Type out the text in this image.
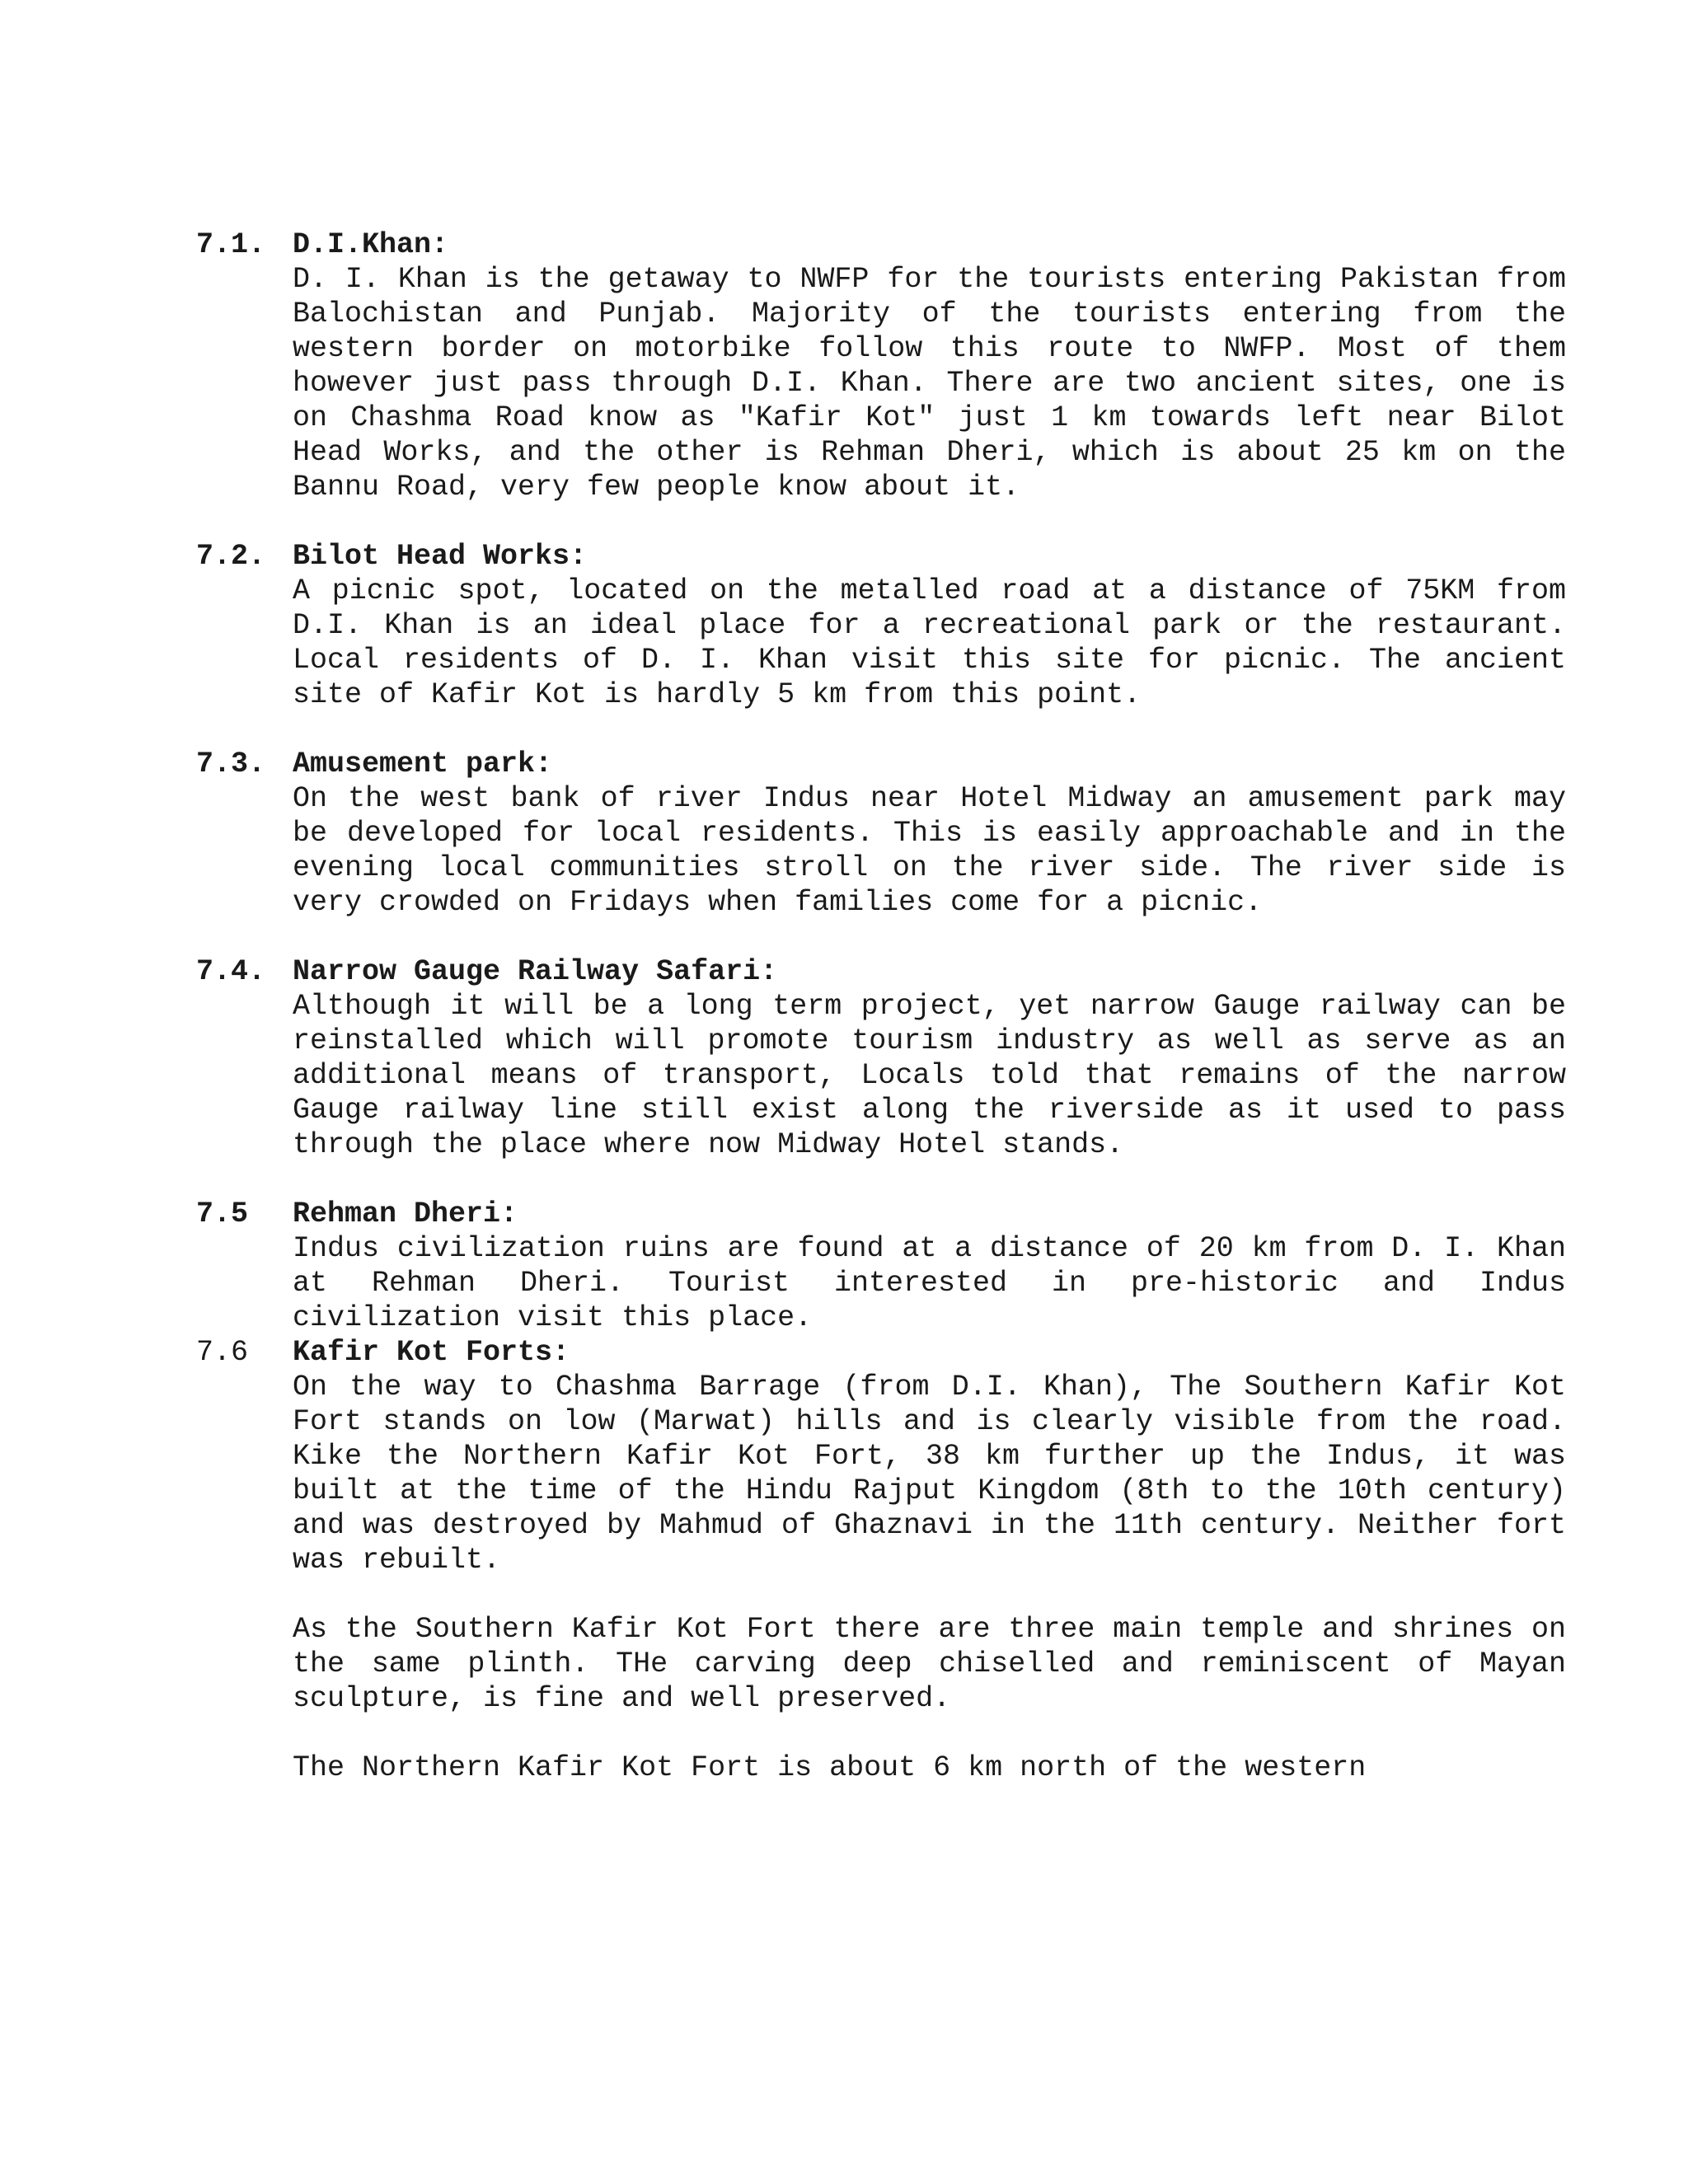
7.1. D.I.Khan:

D. I. Khan is the getaway to NWFP for the tourists entering Pakistan from Balochistan and Punjab. Majority of the tourists entering from the western border on motorbike follow this route to NWFP. Most of them however just pass through D.I. Khan. There are two ancient sites, one is on Chashma Road know as "Kafir Kot" just 1 km towards left near Bilot Head Works, and the other is Rehman Dheri, which is about 25 km on the Bannu Road, very few people know about it.

7.2. Bilot Head Works:

A picnic spot, located on the metalled road at a distance of 75KM from D.I. Khan is an ideal place for a recreational park or the restaurant. Local residents of D. I. Khan visit this site for picnic. The ancient site of Kafir Kot is hardly 5 km from this point.

7.3. Amusement park:

On the west bank of river Indus near Hotel Midway an amusement park may be developed for local residents. This is easily approachable and in the evening local communities stroll on the river side. The river side is very crowded on Fridays when families come for a picnic.

7.4. Narrow Gauge Railway Safari:

Although it will be a long term project, yet narrow Gauge railway can be reinstalled which will promote tourism industry as well as serve as an additional means of transport, Locals told that remains of the narrow Gauge railway line still exist along the riverside as it used to pass through the place where now Midway Hotel stands.

7.5 Rehman Dheri:

Indus civilization ruins are found at a distance of 20 km from D. I. Khan at Rehman Dheri. Tourist interested in pre-historic and Indus civilization visit this place.

7.6 Kafir Kot Forts:

On the way to Chashma Barrage (from D.I. Khan), The Southern Kafir Kot Fort stands on low (Marwat) hills and is clearly visible from the road. Kike the Northern Kafir Kot Fort, 38 km further up the Indus, it was built at the time of the Hindu Rajput Kingdom (8th to the 10th century) and was destroyed by Mahmud of Ghaznavi in the 11th century. Neither fort was rebuilt.

As the Southern Kafir Kot Fort there are three main temple and shrines on the same plinth. THe carving deep chiselled and reminiscent of Mayan sculpture, is fine and well preserved.

The Northern Kafir Kot Fort is about 6 km north of the western
